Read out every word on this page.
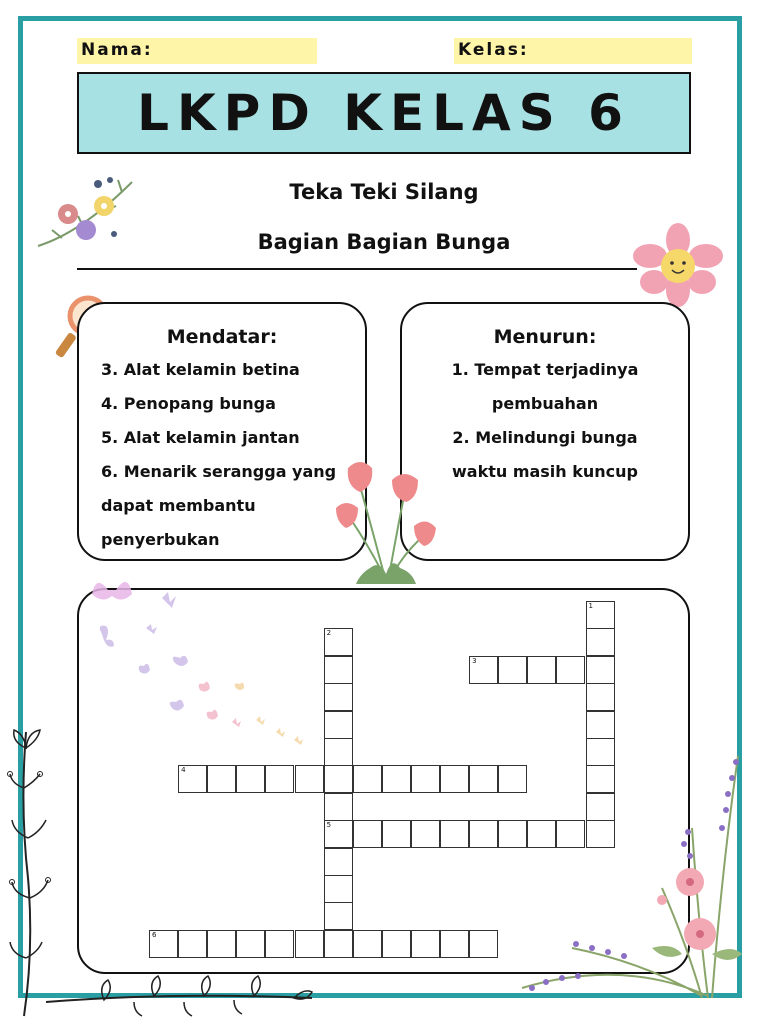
Nama:	Kelas:
LKPD KELAS 6
Teka Teki Silang
Bagian Bagian Bunga
Mendatar:
3. Alat kelamin betina
4. Penopang bunga
5. Alat kelamin jantan
6. Menarik serangga yang
dapat membantu
penyerbukan
Menurun:
1. Tempat terjadinya
pembuahan
2. Melindungi bunga
waktu masih kuncup
1
2
5
3
4
6
